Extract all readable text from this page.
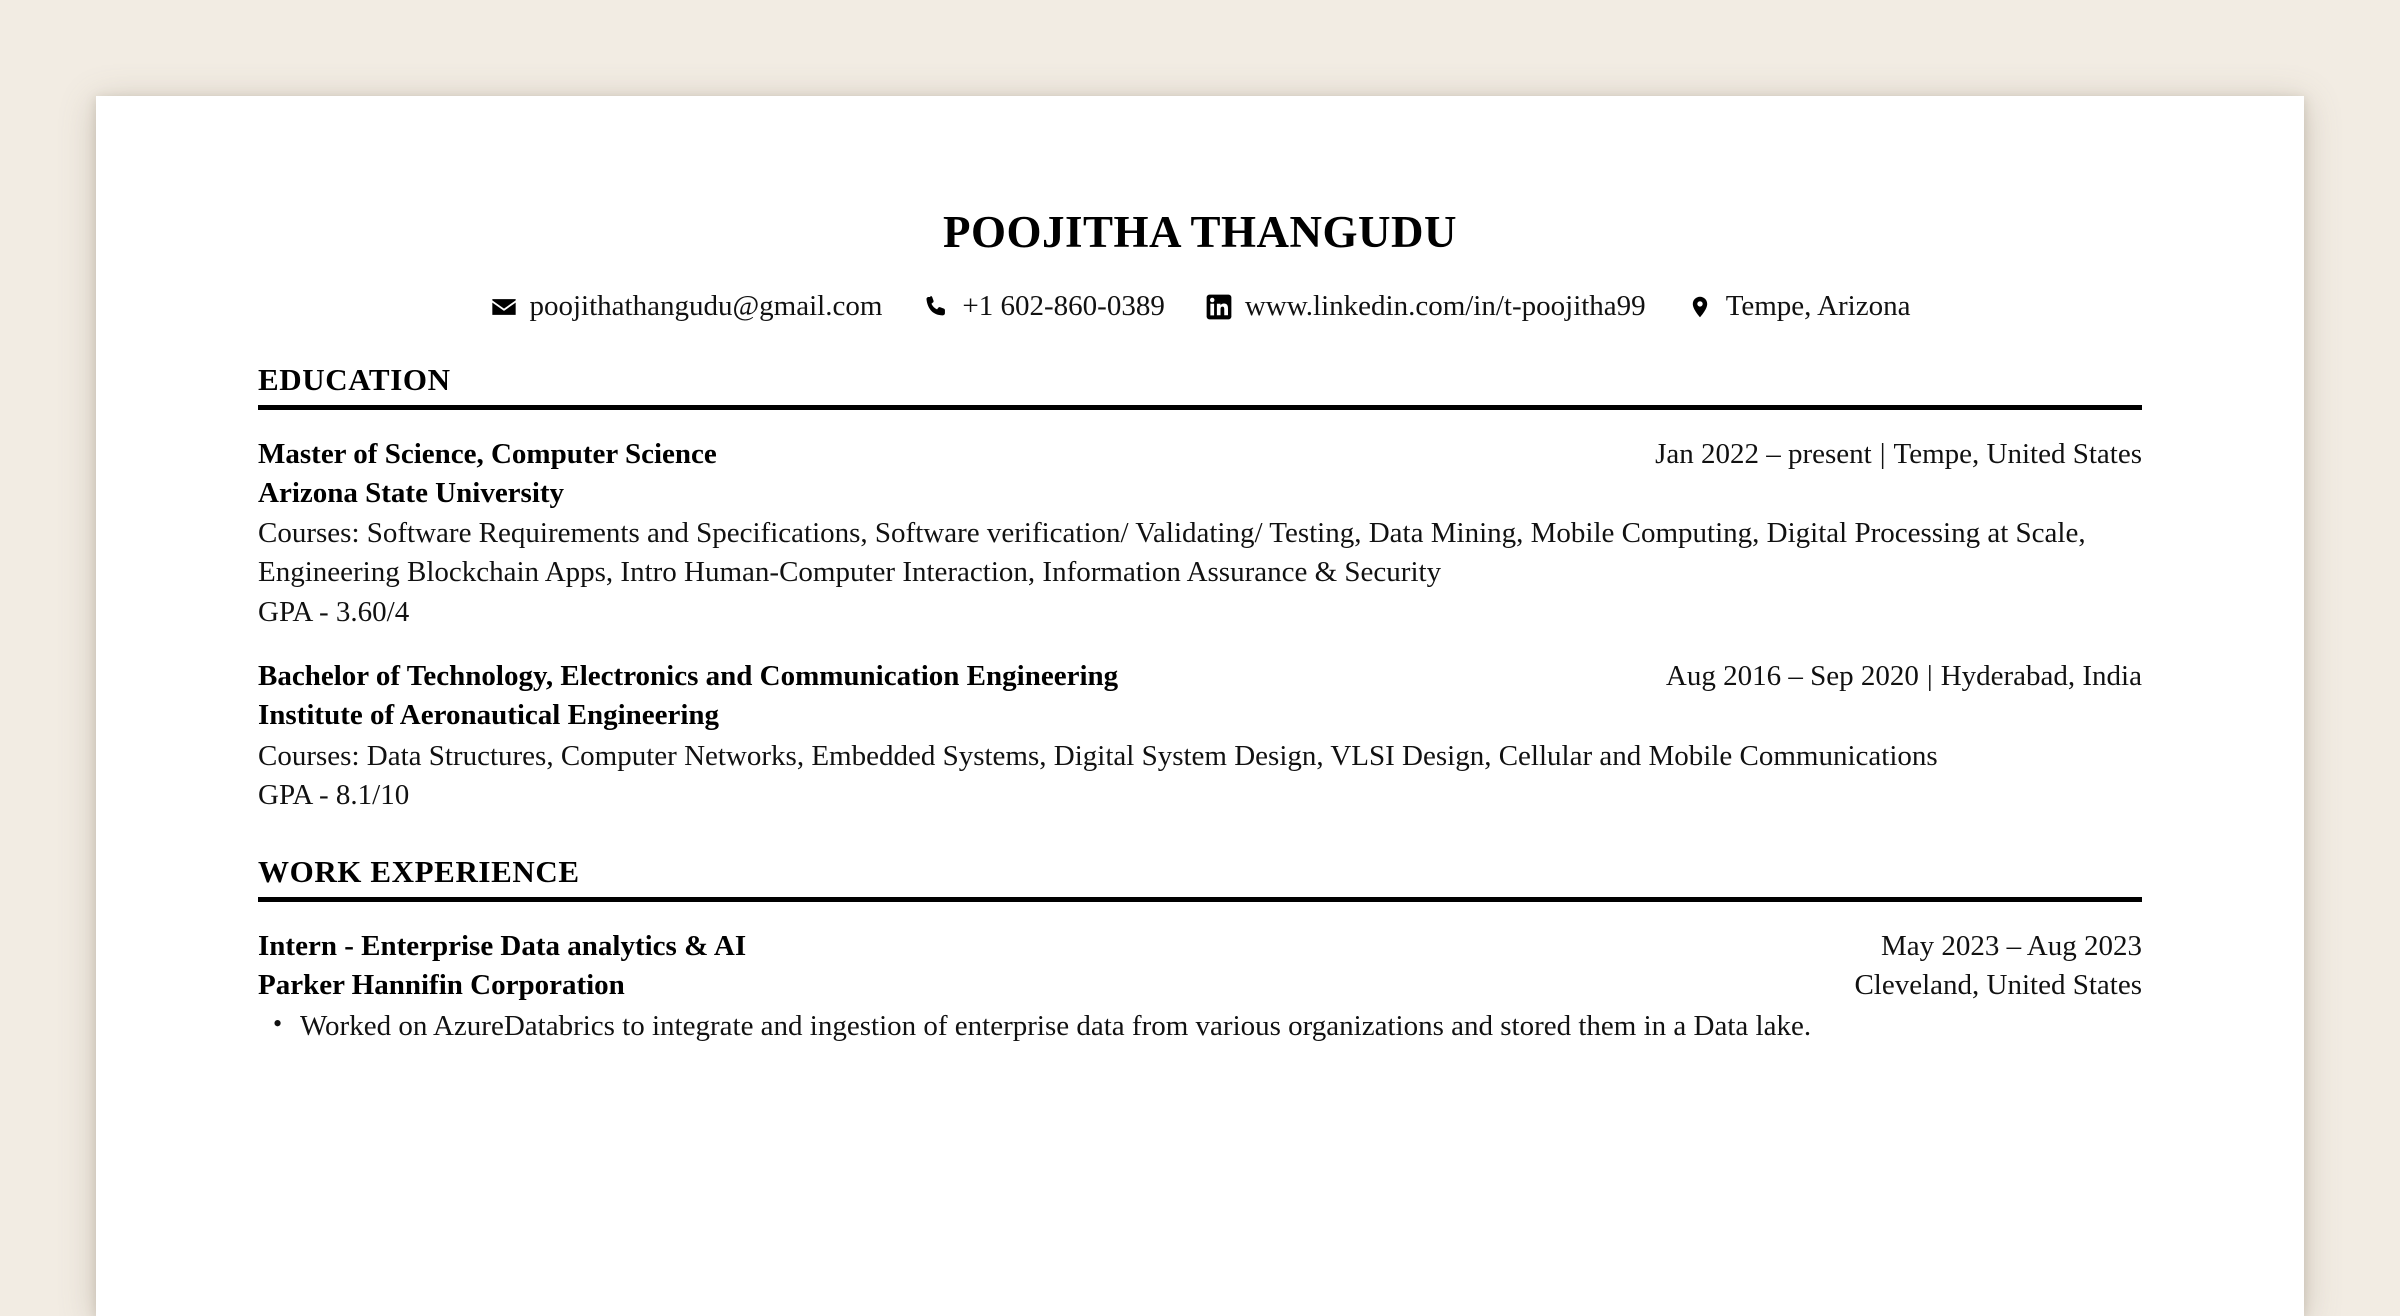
POOJITHA THANGUDU
poojithathangudu@gmail.com	+1 602-860-0389	www.linkedin.com/in/t-poojitha99	Tempe, Arizona
EDUCATION
Master of Science, Computer Science
Arizona State University
Jan 2022 – present | Tempe, United States
Courses: Software Requirements and Specifications, Software verification/ Validating/ Testing, Data Mining, Mobile Computing, Digital Processing at Scale, Engineering Blockchain Apps, Intro Human-Computer Interaction, Information Assurance & Security
GPA - 3.60/4
Bachelor of Technology, Electronics and Communication Engineering
Institute of Aeronautical Engineering
Aug 2016 – Sep 2020 | Hyderabad, India
Courses: Data Structures, Computer Networks, Embedded Systems, Digital System Design, VLSI Design, Cellular and Mobile Communications
GPA - 8.1/10
WORK EXPERIENCE
Intern - Enterprise Data analytics & AI
Parker Hannifin Corporation
May 2023 – Aug 2023
Cleveland, United States
• Worked on AzureDatabrics to integrate and ingestion of enterprise data from various organizations and stored them in a Data lake.
